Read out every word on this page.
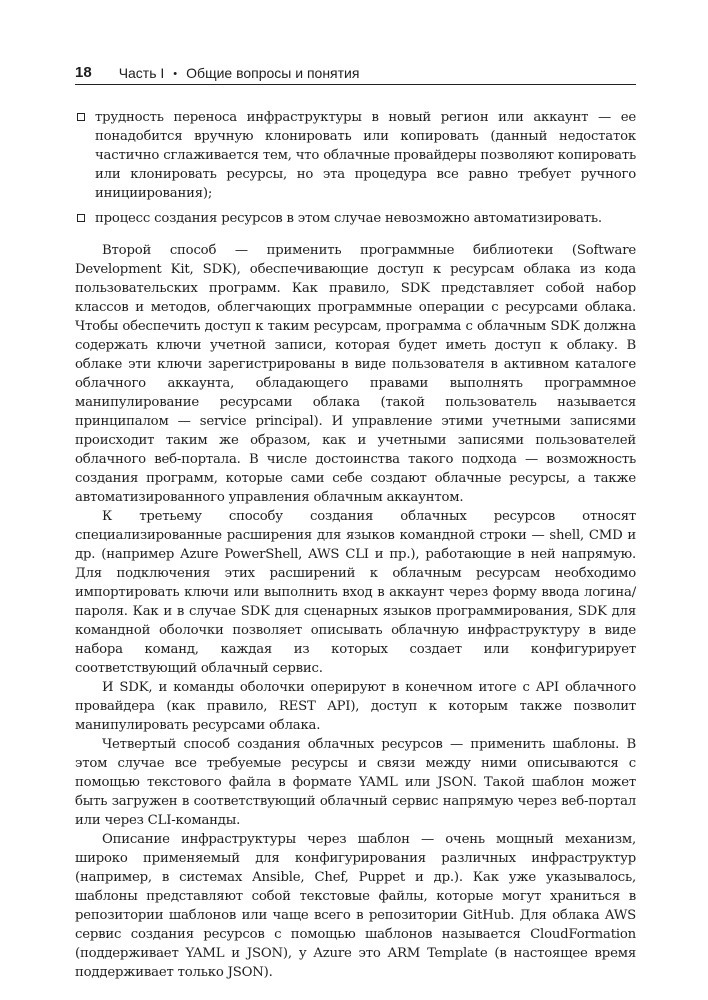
18 Часть I • Общие вопросы и понятия
трудность переноса инфраструктуры в новый регион или аккаунт — ее понадобится вручную клонировать или копировать (данный недостаток частично сглаживается тем, что облачные провайдеры позволяют копировать или клонировать ресурсы, но эта процедура все равно требует ручного инициирования);
процесс создания ресурсов в этом случае невозможно автоматизировать.

Второй способ — применить программные библиотеки (Software Development Kit, SDK), обеспечивающие доступ к ресурсам облака из кода пользовательских программ. Как правило, SDK представляет собой набор классов и методов, облегчающих программные операции с ресурсами облака. Чтобы обеспечить доступ к таким ресурсам, программа с облачным SDK должна содержать ключи учетной записи, которая будет иметь доступ к облаку. В облаке эти ключи зарегистрированы в виде пользователя в активном каталоге облачного аккаунта, обладающего правами выполнять программное манипулирование ресурсами облака (такой пользователь называется принципалом — service principal). И управление этими учетными записями происходит таким же образом, как и учетными записями пользователей облачного веб-портала. В числе достоинства такого подхода — возможность создания программ, которые сами себе создают облачные ресурсы, а также автоматизированного управления облачным аккаунтом.

К третьему способу создания облачных ресурсов относят специализированные расширения для языков командной строки — shell, CMD и др. (например Azure PowerShell, AWS CLI и пр.), работающие в ней напрямую. Для подключения этих расширений к облачным ресурсам необходимо импортировать ключи или выполнить вход в аккаунт через форму ввода логина/пароля. Как и в случае SDK для сценарных языков программирования, SDK для командной оболочки позволяет описывать облачную инфраструктуру в виде набора команд, каждая из которых создает или конфигурирует соответствующий облачный сервис.

И SDK, и команды оболочки оперируют в конечном итоге с API облачного провайдера (как правило, REST API), доступ к которым также позволит манипулировать ресурсами облака.

Четвертый способ создания облачных ресурсов — применить шаблоны. В этом случае все требуемые ресурсы и связи между ними описываются с помощью текстового файла в формате YAML или JSON. Такой шаблон может быть загружен в соответствующий облачный сервис напрямую через веб-портал или через CLI-команды.

Описание инфраструктуры через шаблон — очень мощный механизм, широко применяемый для конфигурирования различных инфраструктур (например, в системах Ansible, Chef, Puppet и др.). Как уже указывалось, шаблоны представляют собой текстовые файлы, которые могут храниться в репозитории шаблонов или чаще всего в репозитории GitHub. Для облака AWS сервис создания ресурсов с помощью шаблонов называется CloudFormation (поддерживает YAML и JSON), у Azure это ARM Template (в настоящее время поддерживает только JSON).
